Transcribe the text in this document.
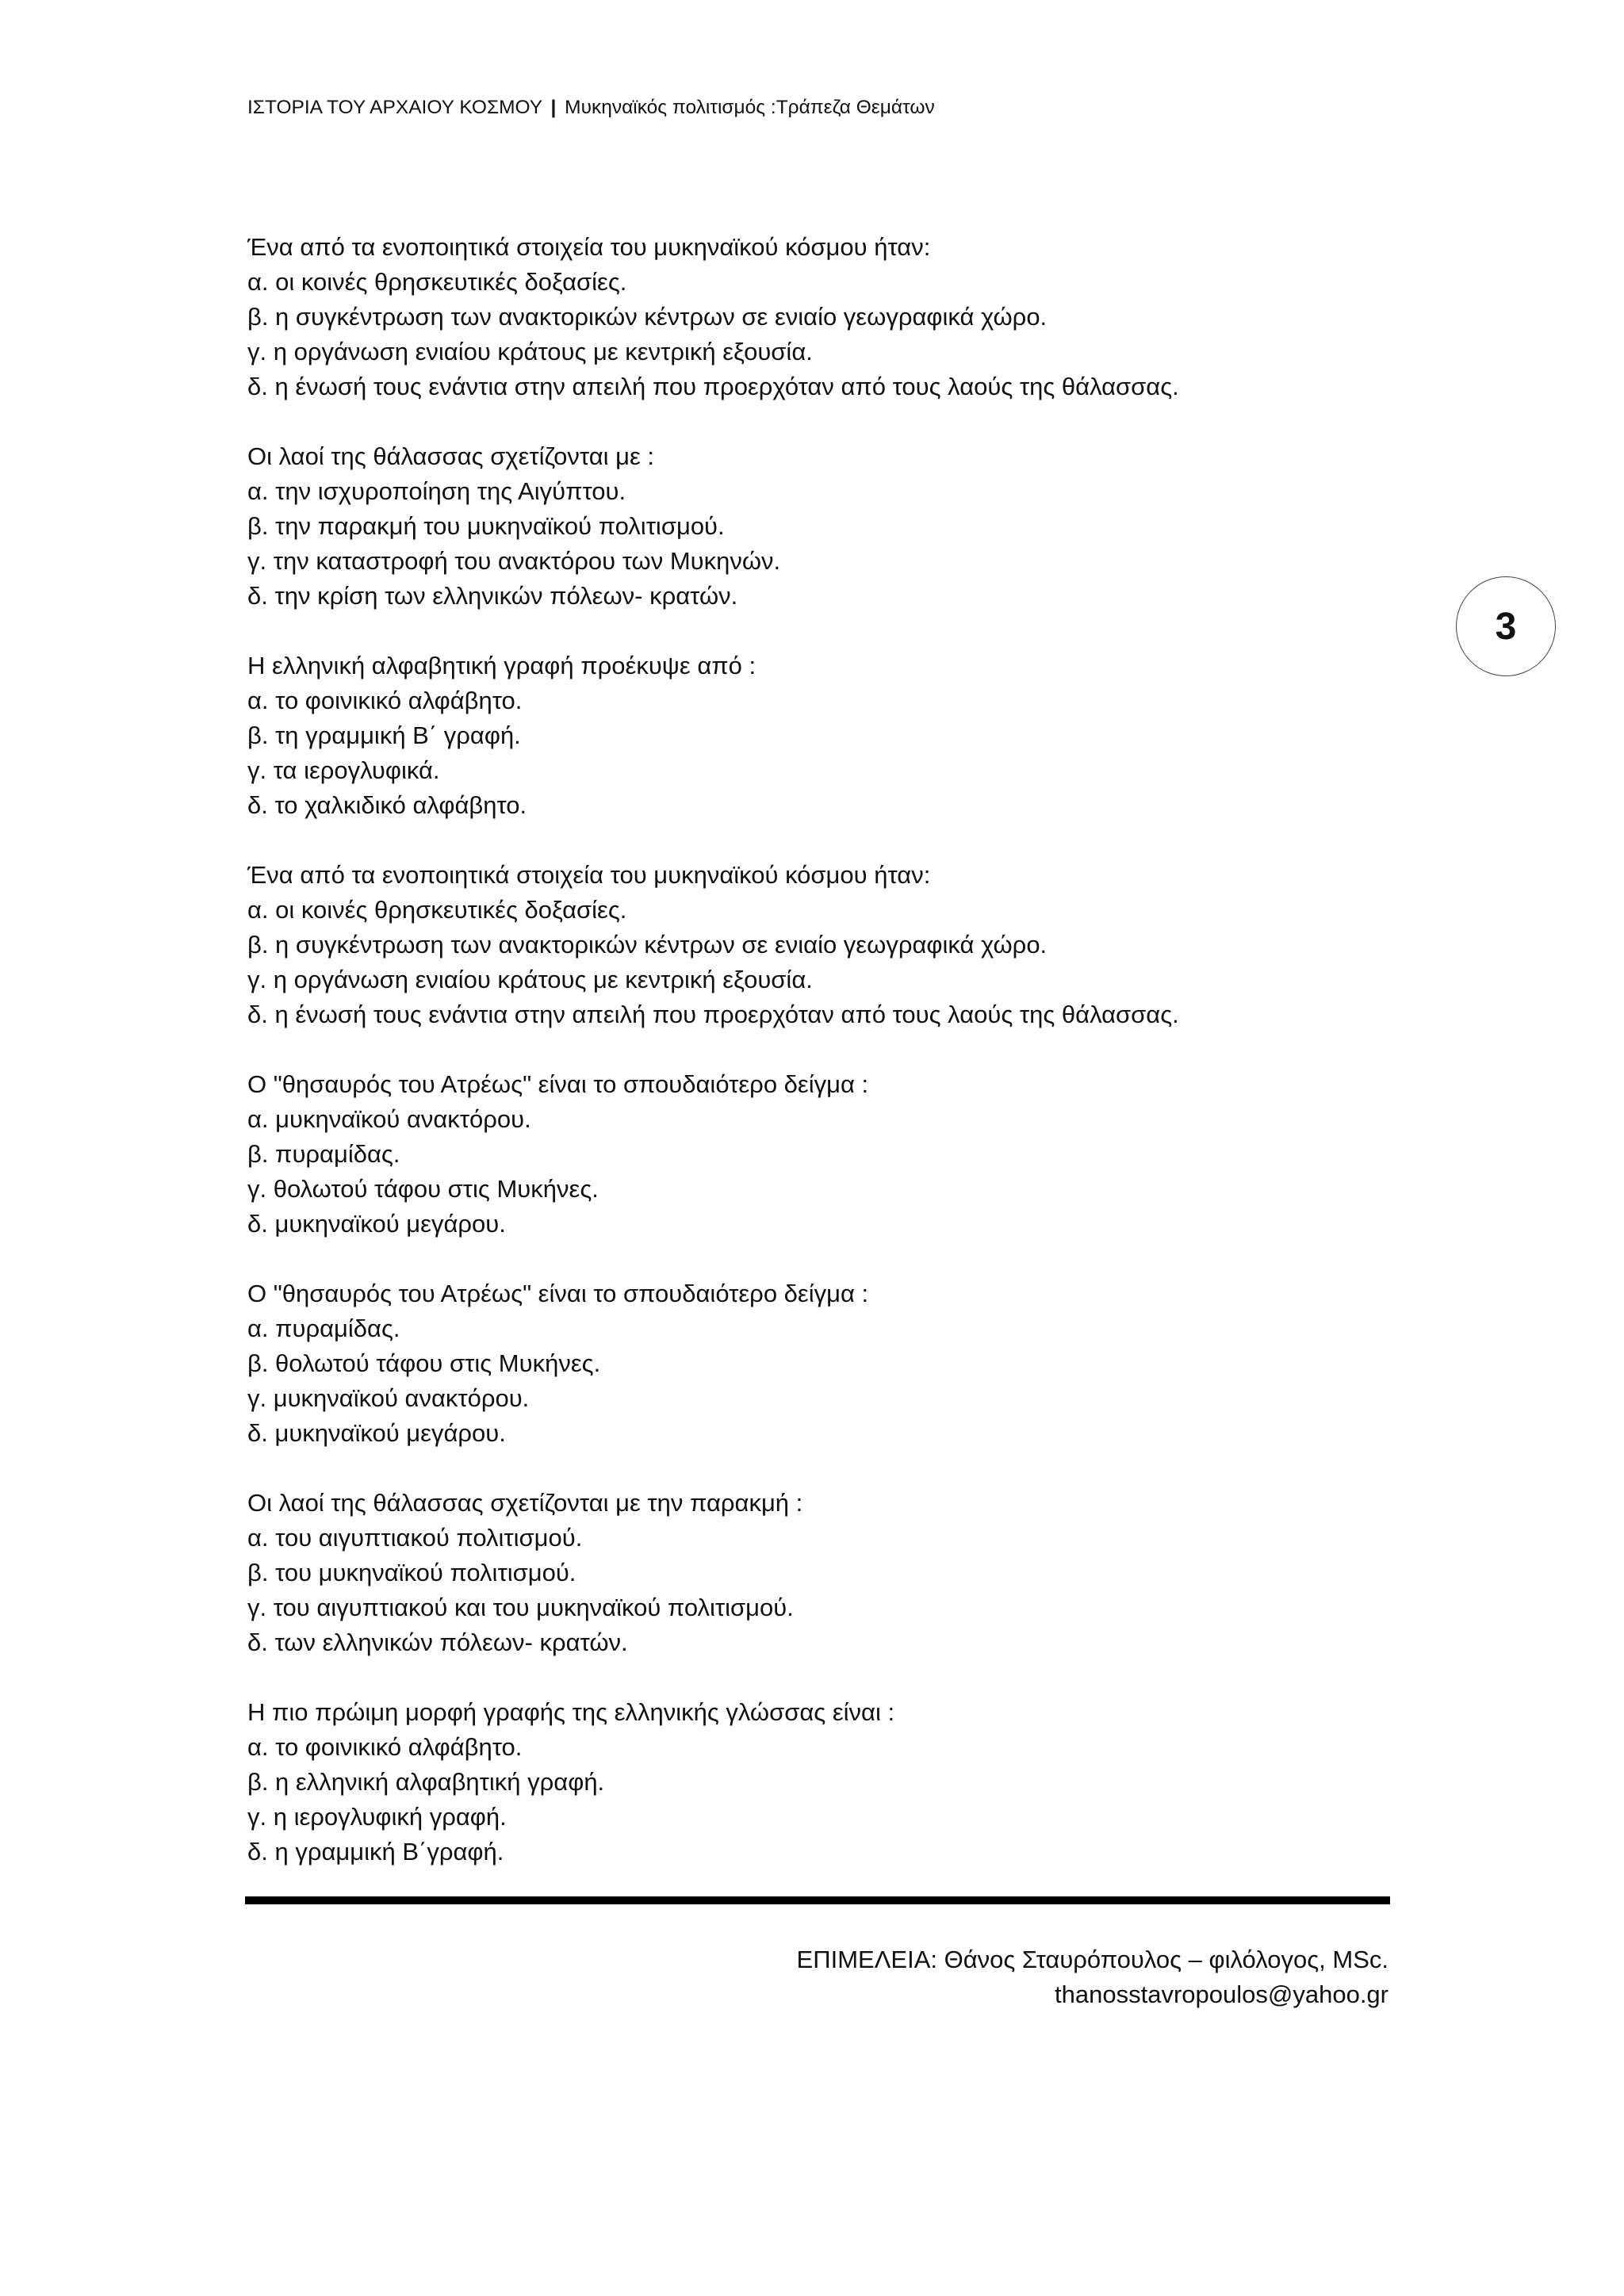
ΙΣΤΟΡΙΑ ΤΟΥ ΑΡΧΑΙΟΥ ΚΟΣΜΟΥ | Μυκηναϊκός πολιτισμός :Τράπεζα Θεμάτων
3
Ένα από τα ενοποιητικά στοιχεία του μυκηναϊκού κόσμου ήταν:
α. οι κοινές θρησκευτικές δοξασίες.
β. η συγκέντρωση των ανακτορικών κέντρων σε ενιαίο γεωγραφικά χώρο.
γ. η οργάνωση ενιαίου κράτους με κεντρική εξουσία.
δ. η ένωσή τους ενάντια στην απειλή που προερχόταν από τους λαούς της θάλασσας.
Οι λαοί της θάλασσας σχετίζονται με :
α. την ισχυροποίηση της Αιγύπτου.
β. την παρακμή του μυκηναϊκού πολιτισμού.
γ. την καταστροφή του ανακτόρου των Μυκηνών.
δ. την κρίση των ελληνικών πόλεων- κρατών.
Η ελληνική αλφαβητική γραφή προέκυψε από :
α. το φοινικικό αλφάβητο.
β. τη γραμμική Β΄ γραφή.
γ. τα ιερογλυφικά.
δ. το χαλκιδικό αλφάβητο.
Ένα από τα ενοποιητικά στοιχεία του μυκηναϊκού κόσμου ήταν:
α. οι κοινές θρησκευτικές δοξασίες.
β. η συγκέντρωση των ανακτορικών κέντρων σε ενιαίο γεωγραφικά χώρο.
γ. η οργάνωση ενιαίου κράτους με κεντρική εξουσία.
δ. η ένωσή τους ενάντια στην απειλή που προερχόταν από τους λαούς της θάλασσας.
Ο "θησαυρός του Ατρέως" είναι το σπουδαιότερο δείγμα :
α. μυκηναϊκού ανακτόρου.
β. πυραμίδας.
γ. θολωτού τάφου στις Μυκήνες.
δ. μυκηναϊκού μεγάρου.
Ο "θησαυρός του Ατρέως" είναι το σπουδαιότερο δείγμα :
α. πυραμίδας.
β. θολωτού τάφου στις Μυκήνες.
γ. μυκηναϊκού ανακτόρου.
δ. μυκηναϊκού μεγάρου.
Οι λαοί της θάλασσας σχετίζονται με την παρακμή :
α. του αιγυπτιακού πολιτισμού.
β. του μυκηναϊκού πολιτισμού.
γ. του αιγυπτιακού και του μυκηναϊκού πολιτισμού.
δ. των ελληνικών πόλεων- κρατών.
Η πιο πρώιμη μορφή γραφής της ελληνικής γλώσσας είναι :
α. το φοινικικό αλφάβητο.
β. η ελληνική αλφαβητική γραφή.
γ. η ιερογλυφική γραφή.
δ. η γραμμική Β΄γραφή.
ΕΠΙΜΕΛΕΙΑ: Θάνος Σταυρόπουλος – φιλόλογος, MSc.
thanosstavropoulos@yahoo.gr
